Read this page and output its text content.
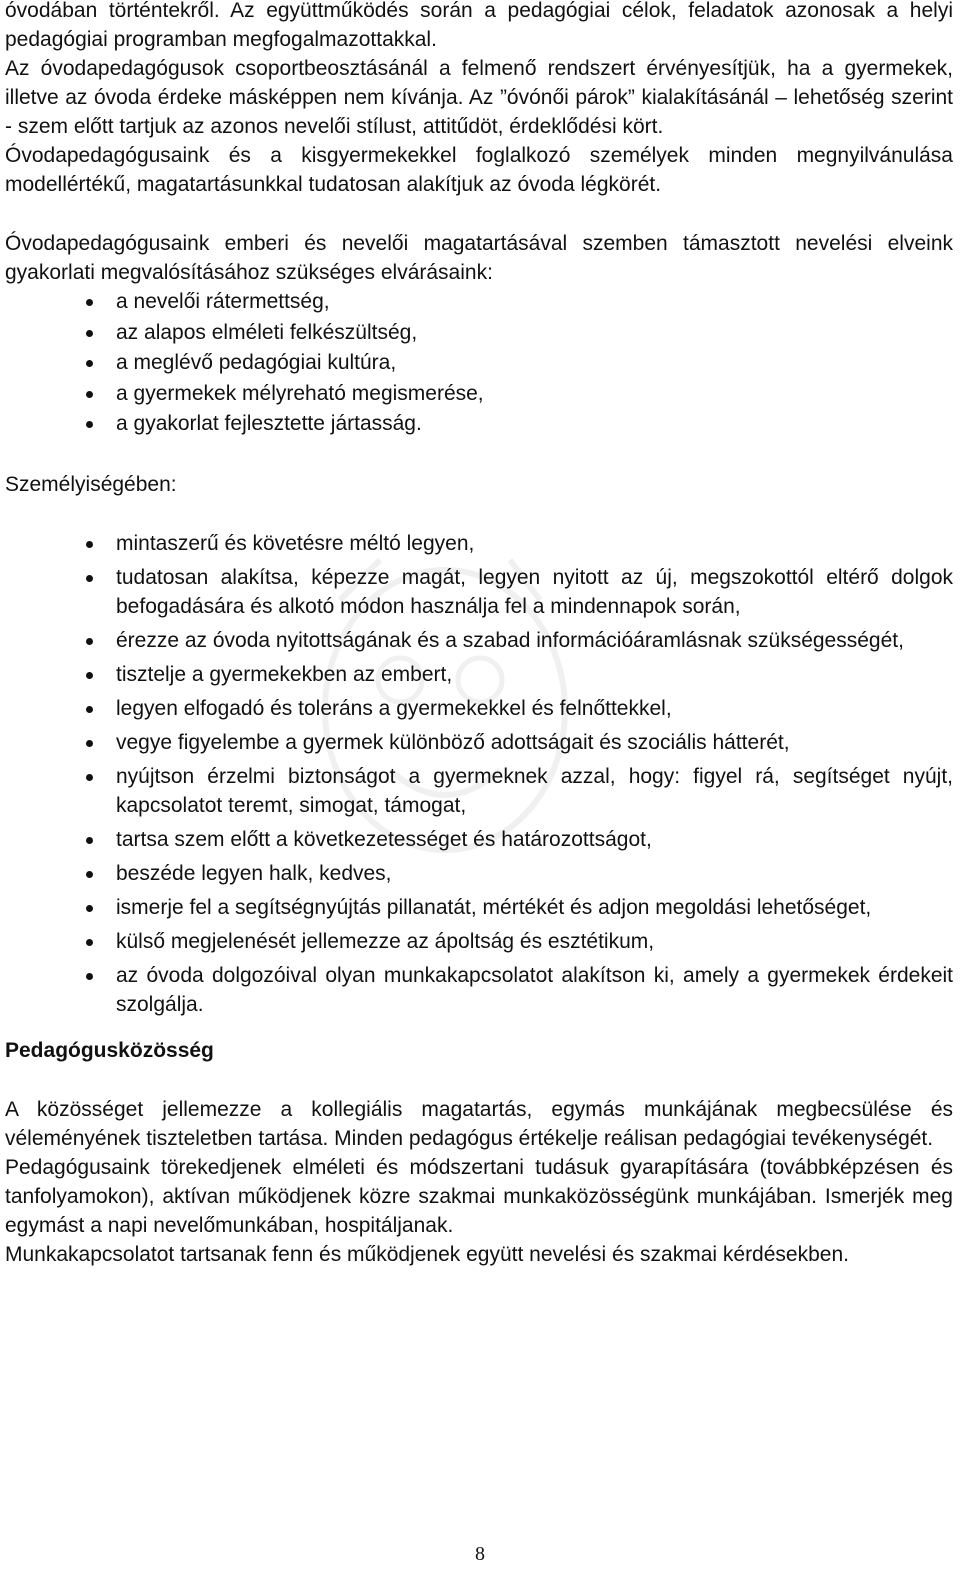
óvodában történtekről. Az együttműködés során a pedagógiai célok, feladatok azonosak a helyi pedagógiai programban megfogalmazottakkal.

Az óvodapedagógusok csoportbeosztásánál a felmenő rendszert érvényesítjük, ha a gyermekek, illetve az óvoda érdeke másképpen nem kívánja. Az ”óvónői párok” kialakításánál – lehetőség szerint - szem előtt tartjuk az azonos nevelői stílust, attitűdöt, érdeklődési kört.

Óvodapedagógusaink és a kisgyermekekkel foglalkozó személyek minden megnyilvánulása modellértékű, magatartásunkkal tudatosan alakítjuk az óvoda légkörét.

Óvodapedagógusaink emberi és nevelői magatartásával szemben támasztott nevelési elveink gyakorlati megvalósításához szükséges elvárásaink:

a nevelői rátermettség,
az alapos elméleti felkészültség,
a meglévő pedagógiai kultúra,
a gyermekek mélyreható megismerése,
a gyakorlat fejlesztette jártasság.

Személyiségében:

mintaszerű és követésre méltó legyen,
tudatosan alakítsa, képezze magát, legyen nyitott az új, megszokottól eltérő dolgok befogadására és alkotó módon használja fel a mindennapok során,
érezze az óvoda nyitottságának és a szabad információáramlásnak szükségességét,
tisztelje a gyermekekben az embert,
legyen elfogadó és toleráns a gyermekekkel és felnőttekkel,
vegye figyelembe a gyermek különböző adottságait és szociális hátterét,
nyújtson érzelmi biztonságot a gyermeknek azzal, hogy: figyel rá, segítséget nyújt, kapcsolatot teremt, simogat, támogat,
tartsa szem előtt a következetességet és határozottságot,
beszéde legyen halk, kedves,
ismerje fel a segítségnyújtás pillanatát, mértékét és adjon megoldási lehetőséget,
külső megjelenését jellemezze az ápoltság és esztétikum,
az óvoda dolgozóival olyan munkakapcsolatot alakítson ki, amely a gyermekek érdekeit szolgálja.

Pedagógusközösség

A közösséget jellemezze a kollegiális magatartás, egymás munkájának megbecsülése és véleményének tiszteletben tartása. Minden pedagógus értékelje reálisan pedagógiai tevékenységét.

Pedagógusaink törekedjenek elméleti és módszertani tudásuk gyarapítására (továbbképzésen és tanfolyamokon), aktívan működjenek közre szakmai munkaközösségünk munkájában. Ismerjék meg egymást a napi nevelőmunkában, hospitáljanak.

Munkakapcsolatot tartsanak fenn és működjenek együtt nevelési és szakmai kérdésekben.

8
